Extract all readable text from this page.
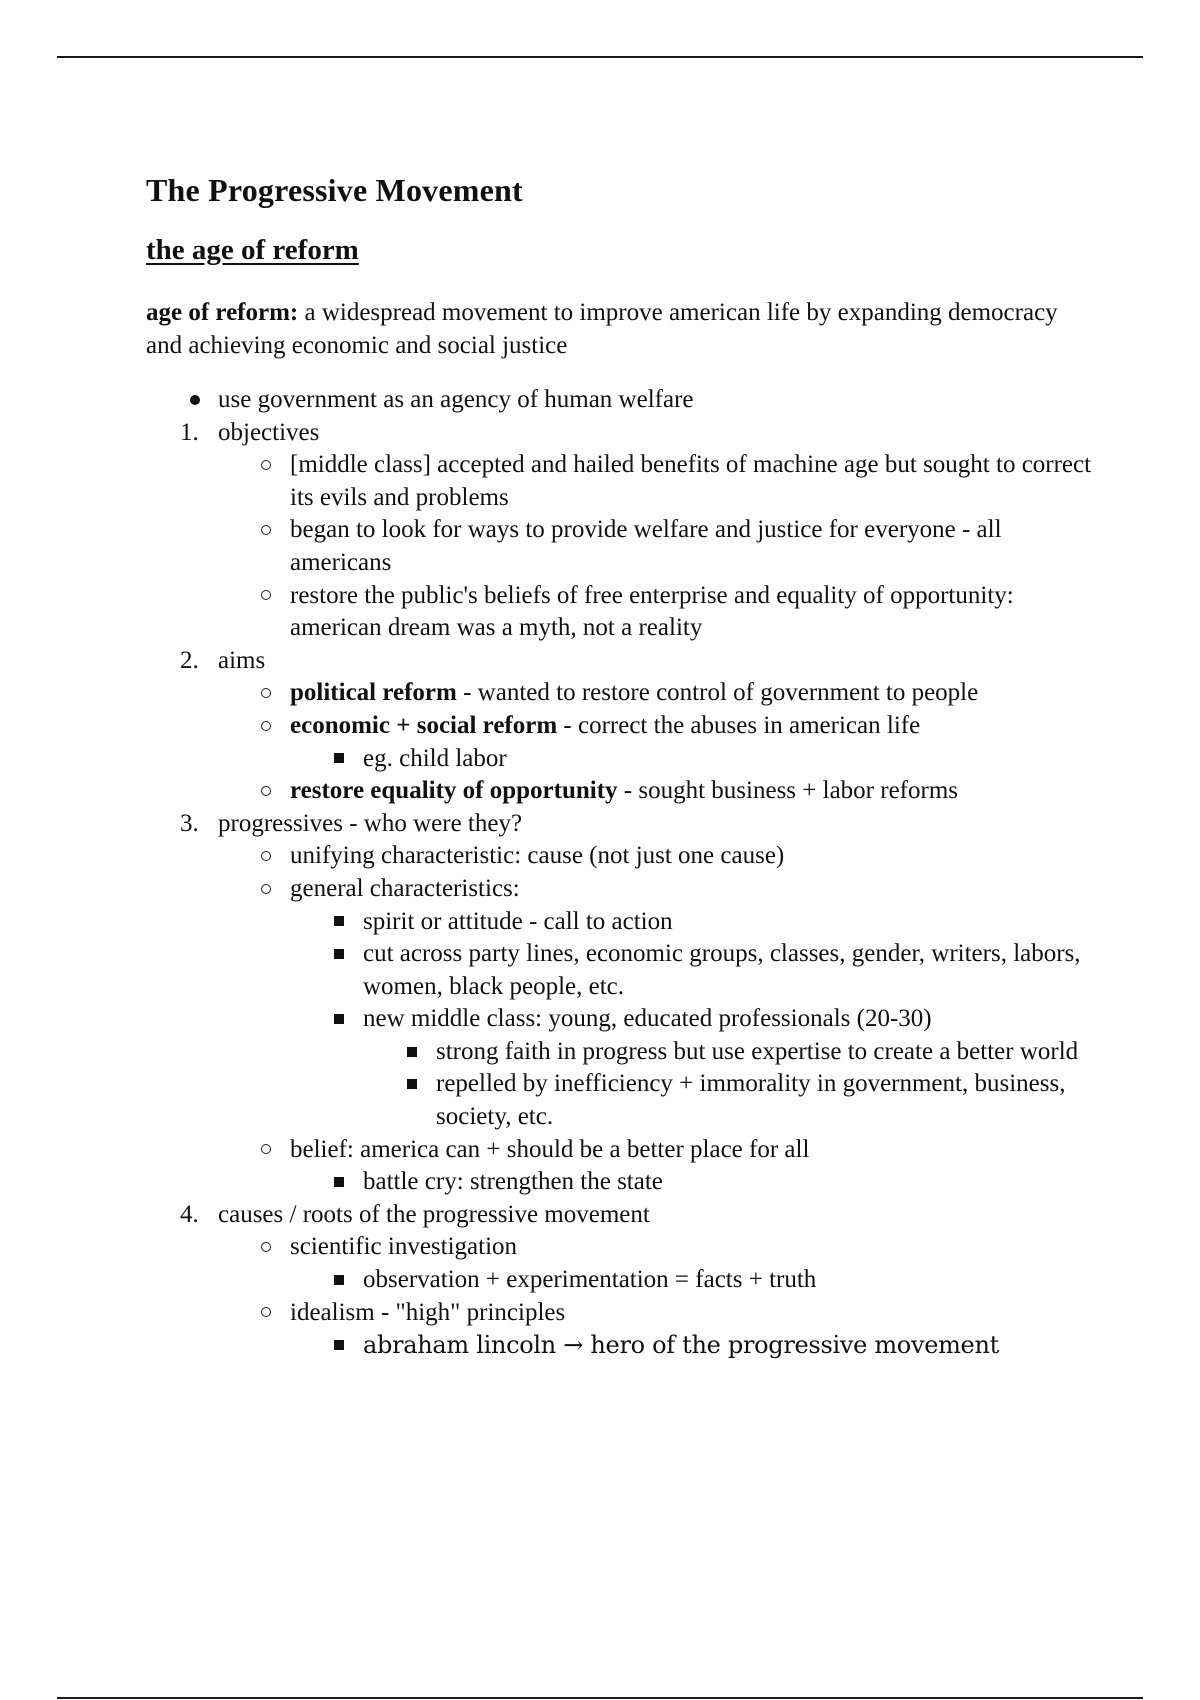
The Progressive Movement
the age of reform

age of reform: a widespread movement to improve american life by expanding democracy and achieving economic and social justice

use government as an agency of human welfare
1. objectives
[middle class] accepted and hailed benefits of machine age but sought to correct its evils and problems
began to look for ways to provide welfare and justice for everyone - all americans
restore the public's beliefs of free enterprise and equality of opportunity: american dream was a myth, not a reality
2. aims
political reform - wanted to restore control of government to people
economic + social reform - correct the abuses in american life
eg. child labor
restore equality of opportunity - sought business + labor reforms
3. progressives - who were they?
unifying characteristic: cause (not just one cause)
general characteristics:
spirit or attitude - call to action
cut across party lines, economic groups, classes, gender, writers, labors, women, black people, etc.
new middle class: young, educated professionals (20-30)
strong faith in progress but use expertise to create a better world
repelled by inefficiency + immorality in government, business, society, etc.
belief: america can + should be a better place for all
battle cry: strengthen the state
4. causes / roots of the progressive movement
scientific investigation
observation + experimentation = facts + truth
idealism - "high" principles
abraham lincoln → hero of the progressive movement
